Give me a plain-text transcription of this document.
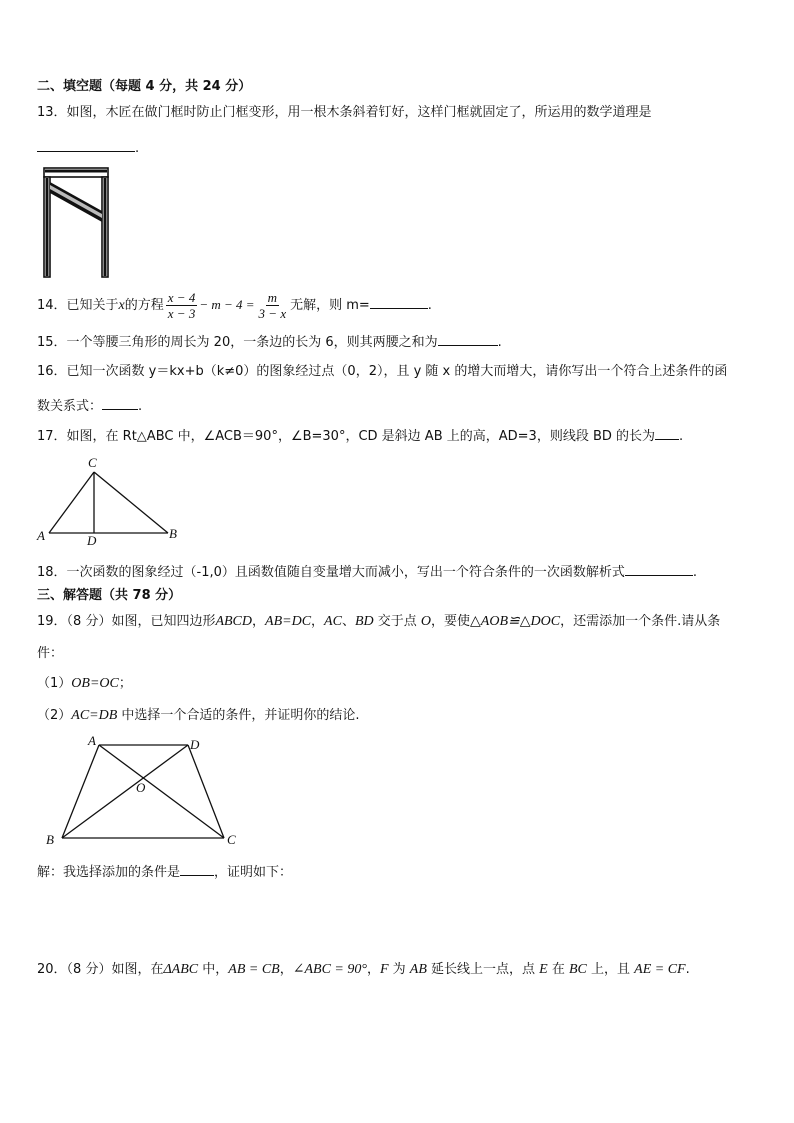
二、填空题（每题 4 分，共 24 分）
13．如图，木匠在做门框时防止门框变形，用一根木条斜着钉好，这样门框就固定了，所运用的数学道理是
.
14．已知关于x的方程 $\frac{x - 4}{x - 3} - m - 4 = \frac{m}{3 - x}$ 无解，则 m=	.
15．一个等腰三角形的周长为 20，一条边的长为 6，则其两腰之和为	.
16．已知一次函数 y＝kx+b（k≠0）的图象经过点（0，2），且 y 随 x 的增大而增大，请你写出一个符合上述条件的函
数关系式：	.
17．如图，在 Rt△ABC 中，∠ACB＝90°，∠B=30°，CD 是斜边 AB 上的高，AD=3，则线段 BD 的长为 .
C
A	D	B
18．一次函数的图象经过（-1,0）且函数值随自变量增大而减小，写出一个符合条件的一次函数解析式	.
三、解答题（共 78 分）
19．（8 分）如图，已知四边形ABCD，AB=DC，AC、BD 交于点 O，要使△AOB≌△DOC，还需添加一个条件.请从条
件：
（1）OB=OC；
（2）AC=DB 中选择一个合适的条件，并证明你的结论.
A	D
O
B	C
解：我选择添加的条件是	，证明如下：
20．（8 分）如图，在ΔABC 中，AB = CB，∠ABC = 90°，F 为 AB 延长线上一点，点 E 在 BC 上，且 AE = CF.
